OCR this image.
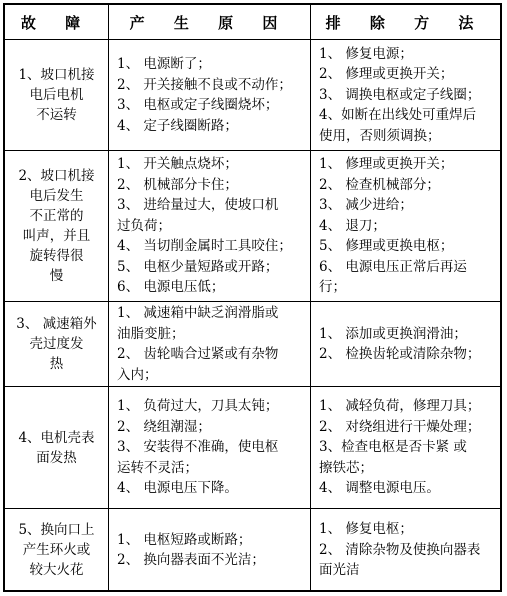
故 障	产 生 原 因	排 除 方 法
1、坡口机接
电后电机
不运转
1、 电源断了；
2、 开关接触不良或不动作；
3、 电枢或定子线圈烧坏；
4、 定子线圈断路；
1、 修复电源；
2、 修理或更换开关；
3、 调换电枢或定子线圈；
4、如断在出线处可重焊后
使用，否则须调换；
2、坡口机接
电后发生
不正常的
叫声，并且
旋转得很
慢
1、 开关触点烧坏；
2、 机械部分卡住；
3、 进给量过大，使坡口机
过负荷；
4、 当切削金属时工具咬住；
5、 电枢少量短路或开路；
6、 电源电压低；
1、 修理或更换开关；
2、 检查机械部分；
3、 减少进给；
4、 退刀；
5、 修理或更换电枢；
6、 电源电压正常后再运
行；
3、 减速箱外
壳过度发
热
1、 减速箱中缺乏润滑脂或
油脂变脏；
2、 齿轮啮合过紧或有杂物
入内；
1、 添加或更换润滑油；
2、 检换齿轮或清除杂物；
4、电机壳表
面发热
1、 负荷过大，刀具太钝；
2、 绕组潮湿；
3、 安装得不准确，使电枢
运转不灵活；
4、 电源电压下降。
1、 减轻负荷，修理刀具；
2、 对绕组进行干燥处理；
3、检查电枢是否卡紧 或
擦铁芯；
4、 调整电源电压。
5、换向口上
产生环火或
较大火花
1、 电枢短路或断路；
2、 换向器表面不光洁；
1、 修复电枢；
2、 清除杂物及使换向器表
面光洁
